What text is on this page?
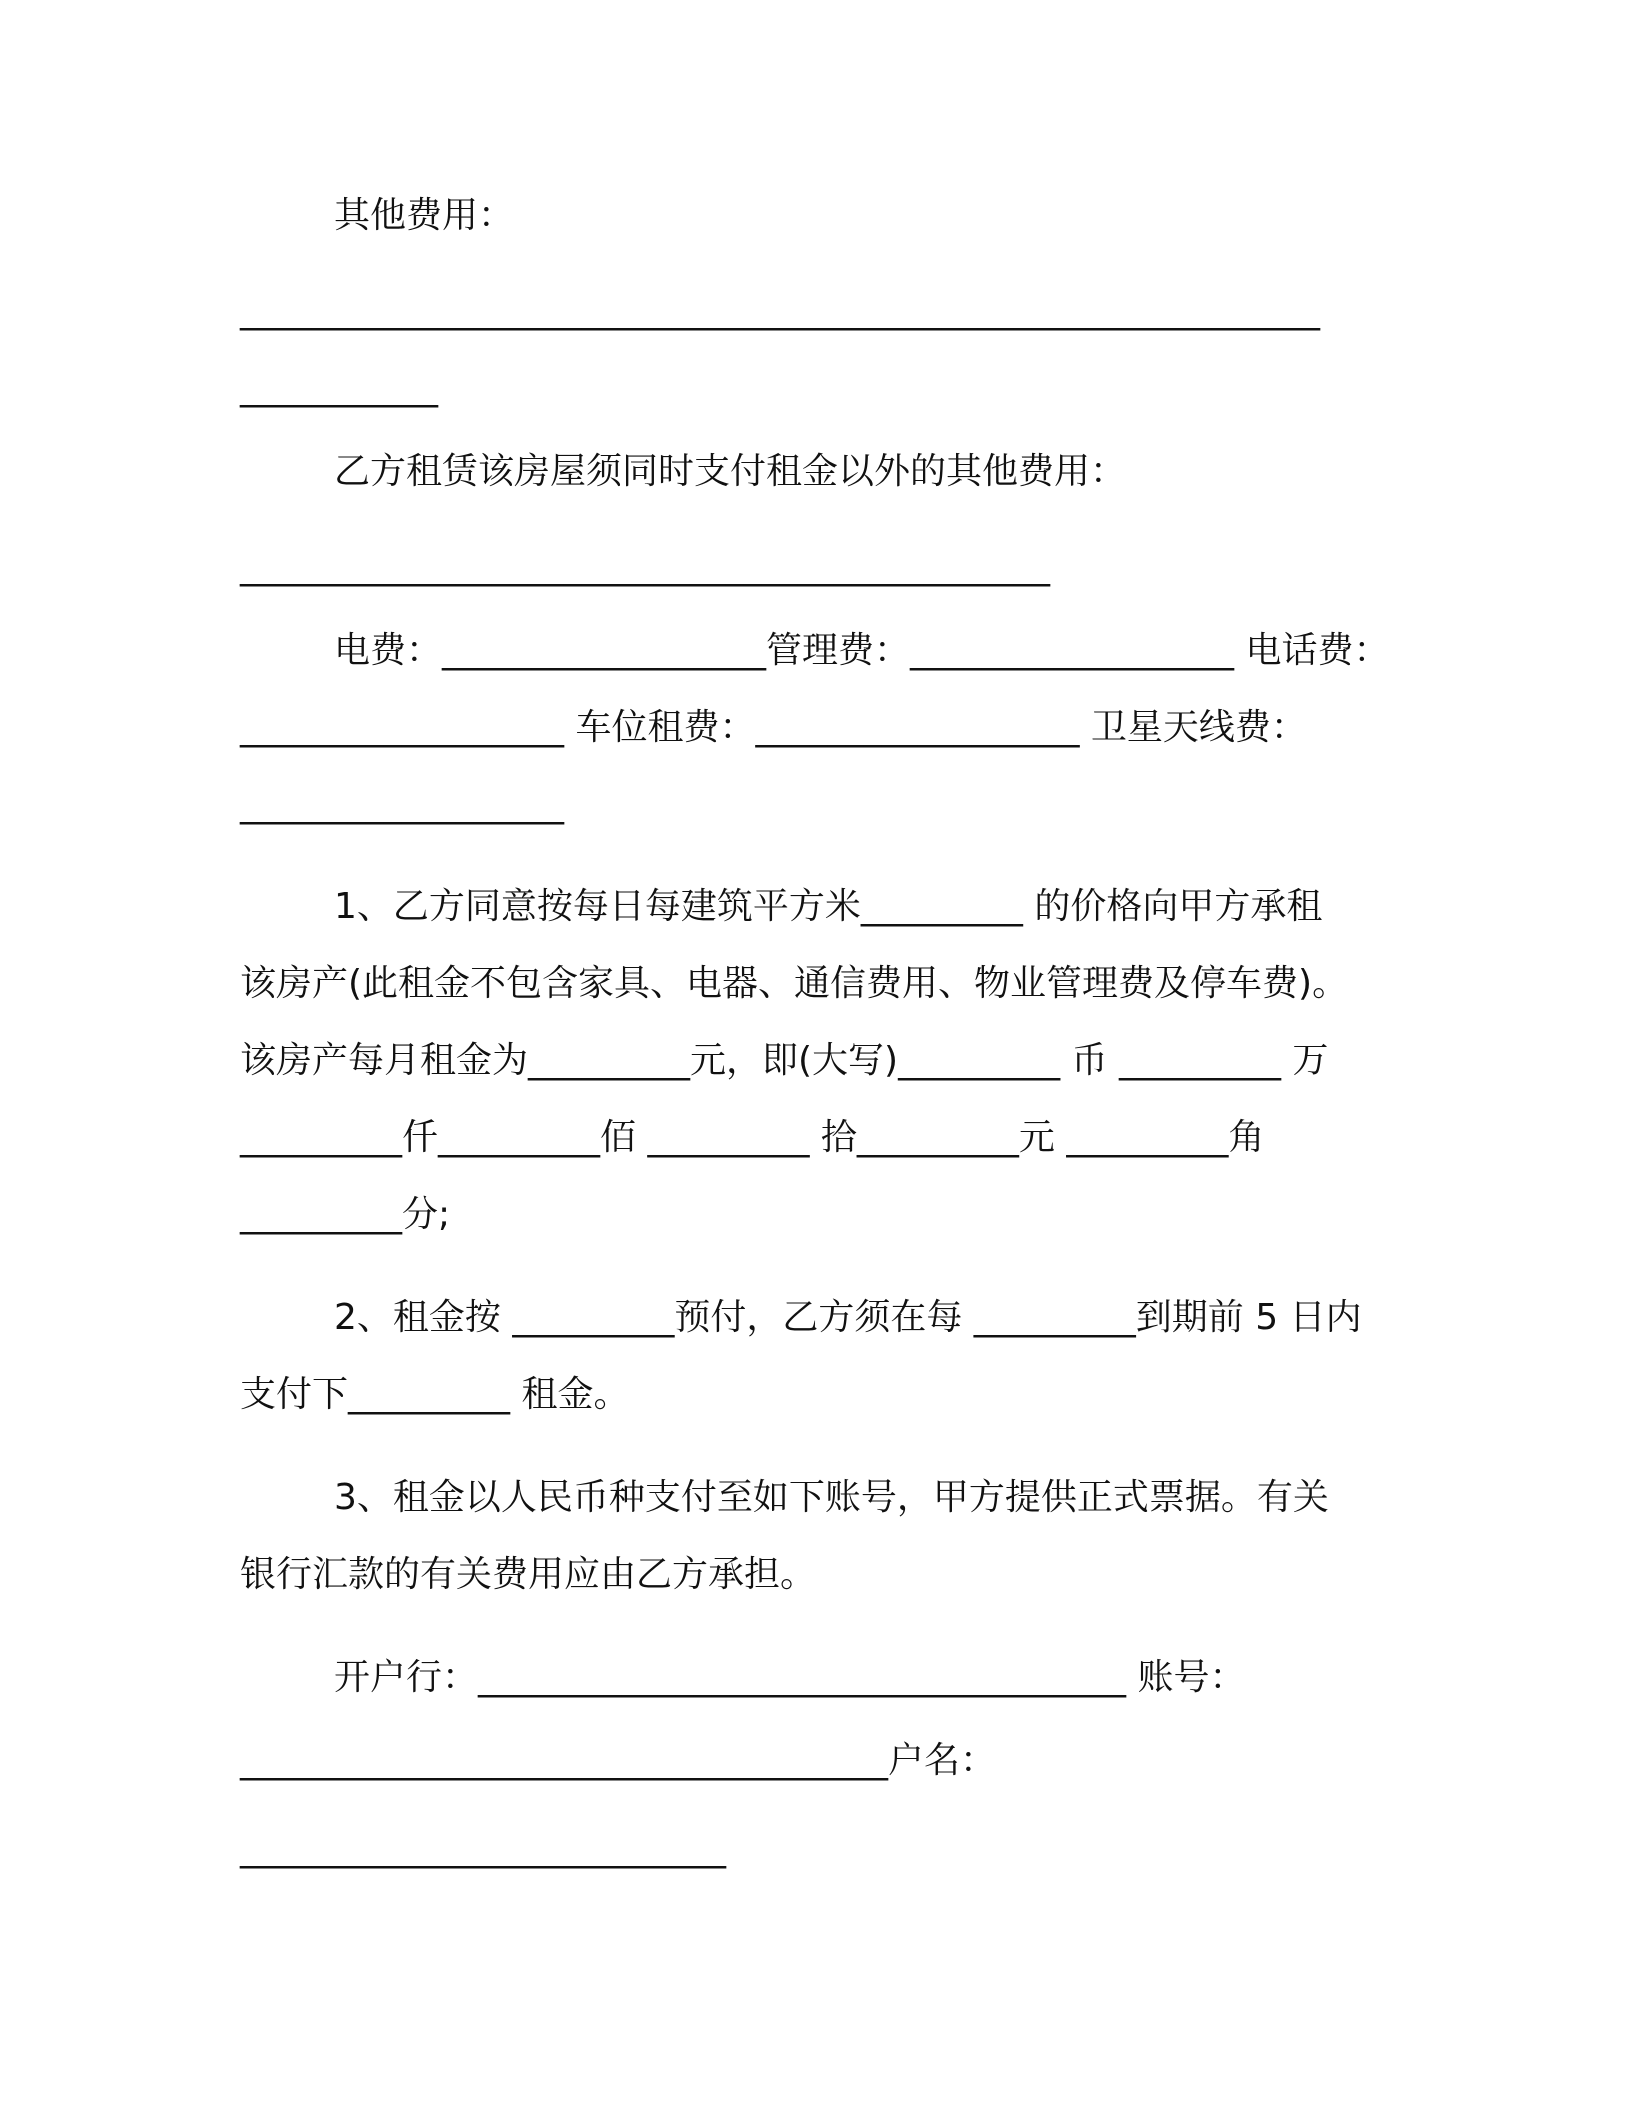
其他费用：
____________________________________________________________
___________
乙方租赁该房屋须同时支付租金以外的其他费用：
_____________________________________________
电费：__________________管理费：__________________ 电话费：
__________________ 车位租费：__________________ 卫星天线费：
__________________
1、乙方同意按每日每建筑平方米_________ 的价格向甲方承租
该房产(此租金不包含家具、电器、通信费用、物业管理费及停车费)。
该房产每月租金为_________元，即(大写)_________ 币 _________ 万
_________仟_________佰 _________ 拾_________元 _________角
_________分;
2、租金按 _________预付，乙方须在每 _________到期前 5 日内
支付下_________ 租金。
3、租金以人民币种支付至如下账号，甲方提供正式票据。有关
银行汇款的有关费用应由乙方承担。
开户行：____________________________________ 账号：
____________________________________户名：
___________________________
